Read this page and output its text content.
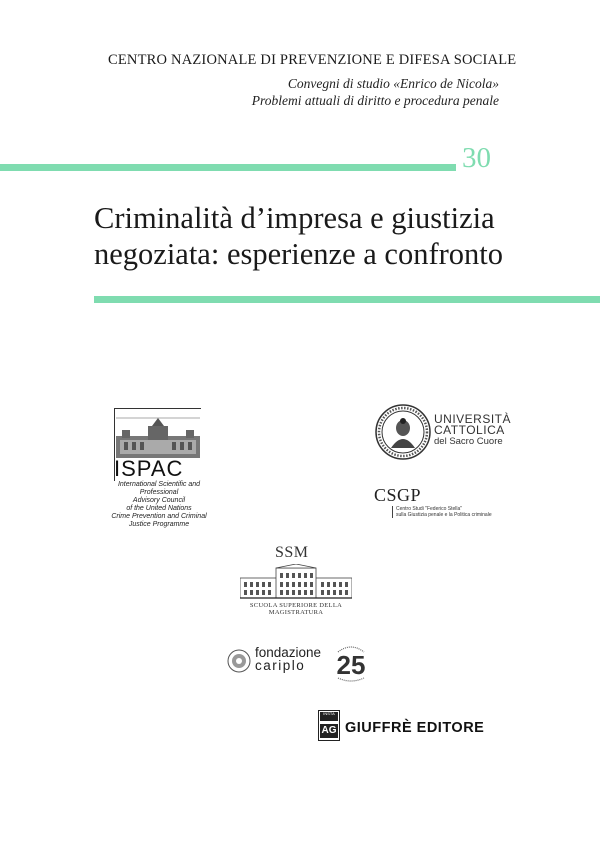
CENTRO NAZIONALE DI PREVENZIONE E DIFESA SOCIALE
Convegni di studio «Enrico de Nicola»
Problemi attuali di diritto e procedura penale
30
Criminalità d’impresa e giustizia
negoziata: esperienze a confronto
ISPAC
International Scientific and Professional
Advisory Council
of the United Nations
Crime Prevention and Criminal
Justice Programme
UNIVERSITÀ
CATTOLICA
del Sacro Cuore
CSGP
Centro Studi "Federico Stella"
sulla Giustizia penale e la Politica criminale
SSM
SCUOLA SUPERIORE DELLA MAGISTRATURA
fondazione
cariplo	25
INSTA
AG GIUFFRÈ EDITORE
